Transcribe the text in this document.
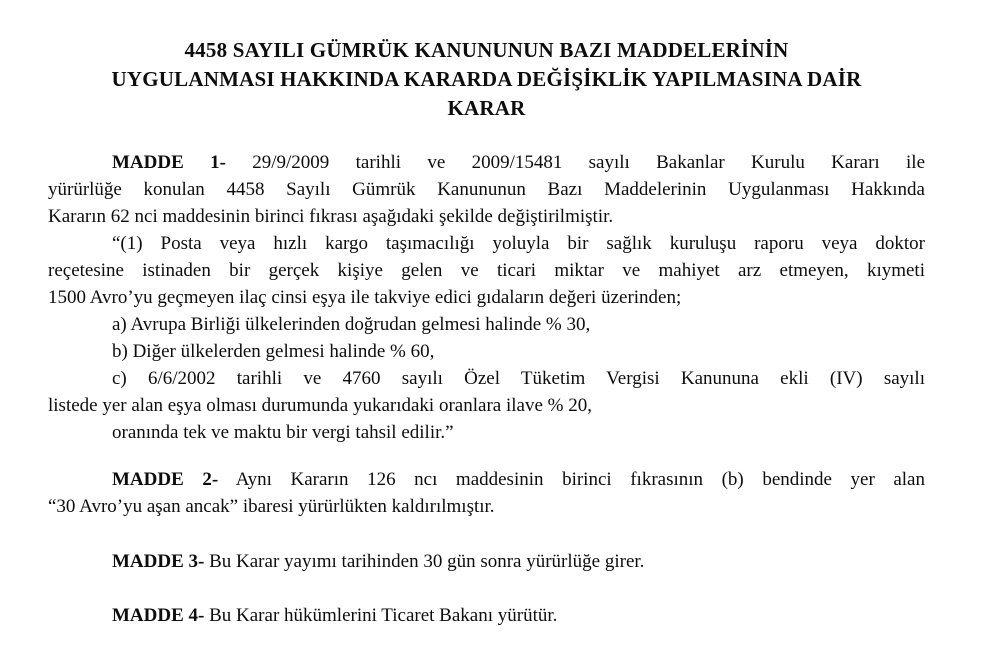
4458 SAYILI GÜMRÜK KANUNUNUN BAZI MADDELERİNİN
UYGULANMASI HAKKINDA KARARDA DEĞİŞİKLİK YAPILMASINA DAİR
KARAR
MADDE 1- 29/9/2009 tarihli ve 2009/15481 sayılı Bakanlar Kurulu Kararı ile
yürürlüğe konulan 4458 Sayılı Gümrük Kanununun Bazı Maddelerinin Uygulanması Hakkında
Kararın 62 nci maddesinin birinci fıkrası aşağıdaki şekilde değiştirilmiştir.
“(1) Posta veya hızlı kargo taşımacılığı yoluyla bir sağlık kuruluşu raporu veya doktor
reçetesine istinaden bir gerçek kişiye gelen ve ticari miktar ve mahiyet arz etmeyen, kıymeti
1500 Avro’yu geçmeyen ilaç cinsi eşya ile takviye edici gıdaların değeri üzerinden;
a) Avrupa Birliği ülkelerinden doğrudan gelmesi halinde % 30,
b) Diğer ülkelerden gelmesi halinde % 60,
c) 6/6/2002 tarihli ve 4760 sayılı Özel Tüketim Vergisi Kanununa ekli (IV) sayılı
listede yer alan eşya olması durumunda yukarıdaki oranlara ilave % 20,
oranında tek ve maktu bir vergi tahsil edilir.”
MADDE 2- Aynı Kararın 126 ncı maddesinin birinci fıkrasının (b) bendinde yer alan
“30 Avro’yu aşan ancak” ibaresi yürürlükten kaldırılmıştır.
MADDE 3- Bu Karar yayımı tarihinden 30 gün sonra yürürlüğe girer.
MADDE 4- Bu Karar hükümlerini Ticaret Bakanı yürütür.
